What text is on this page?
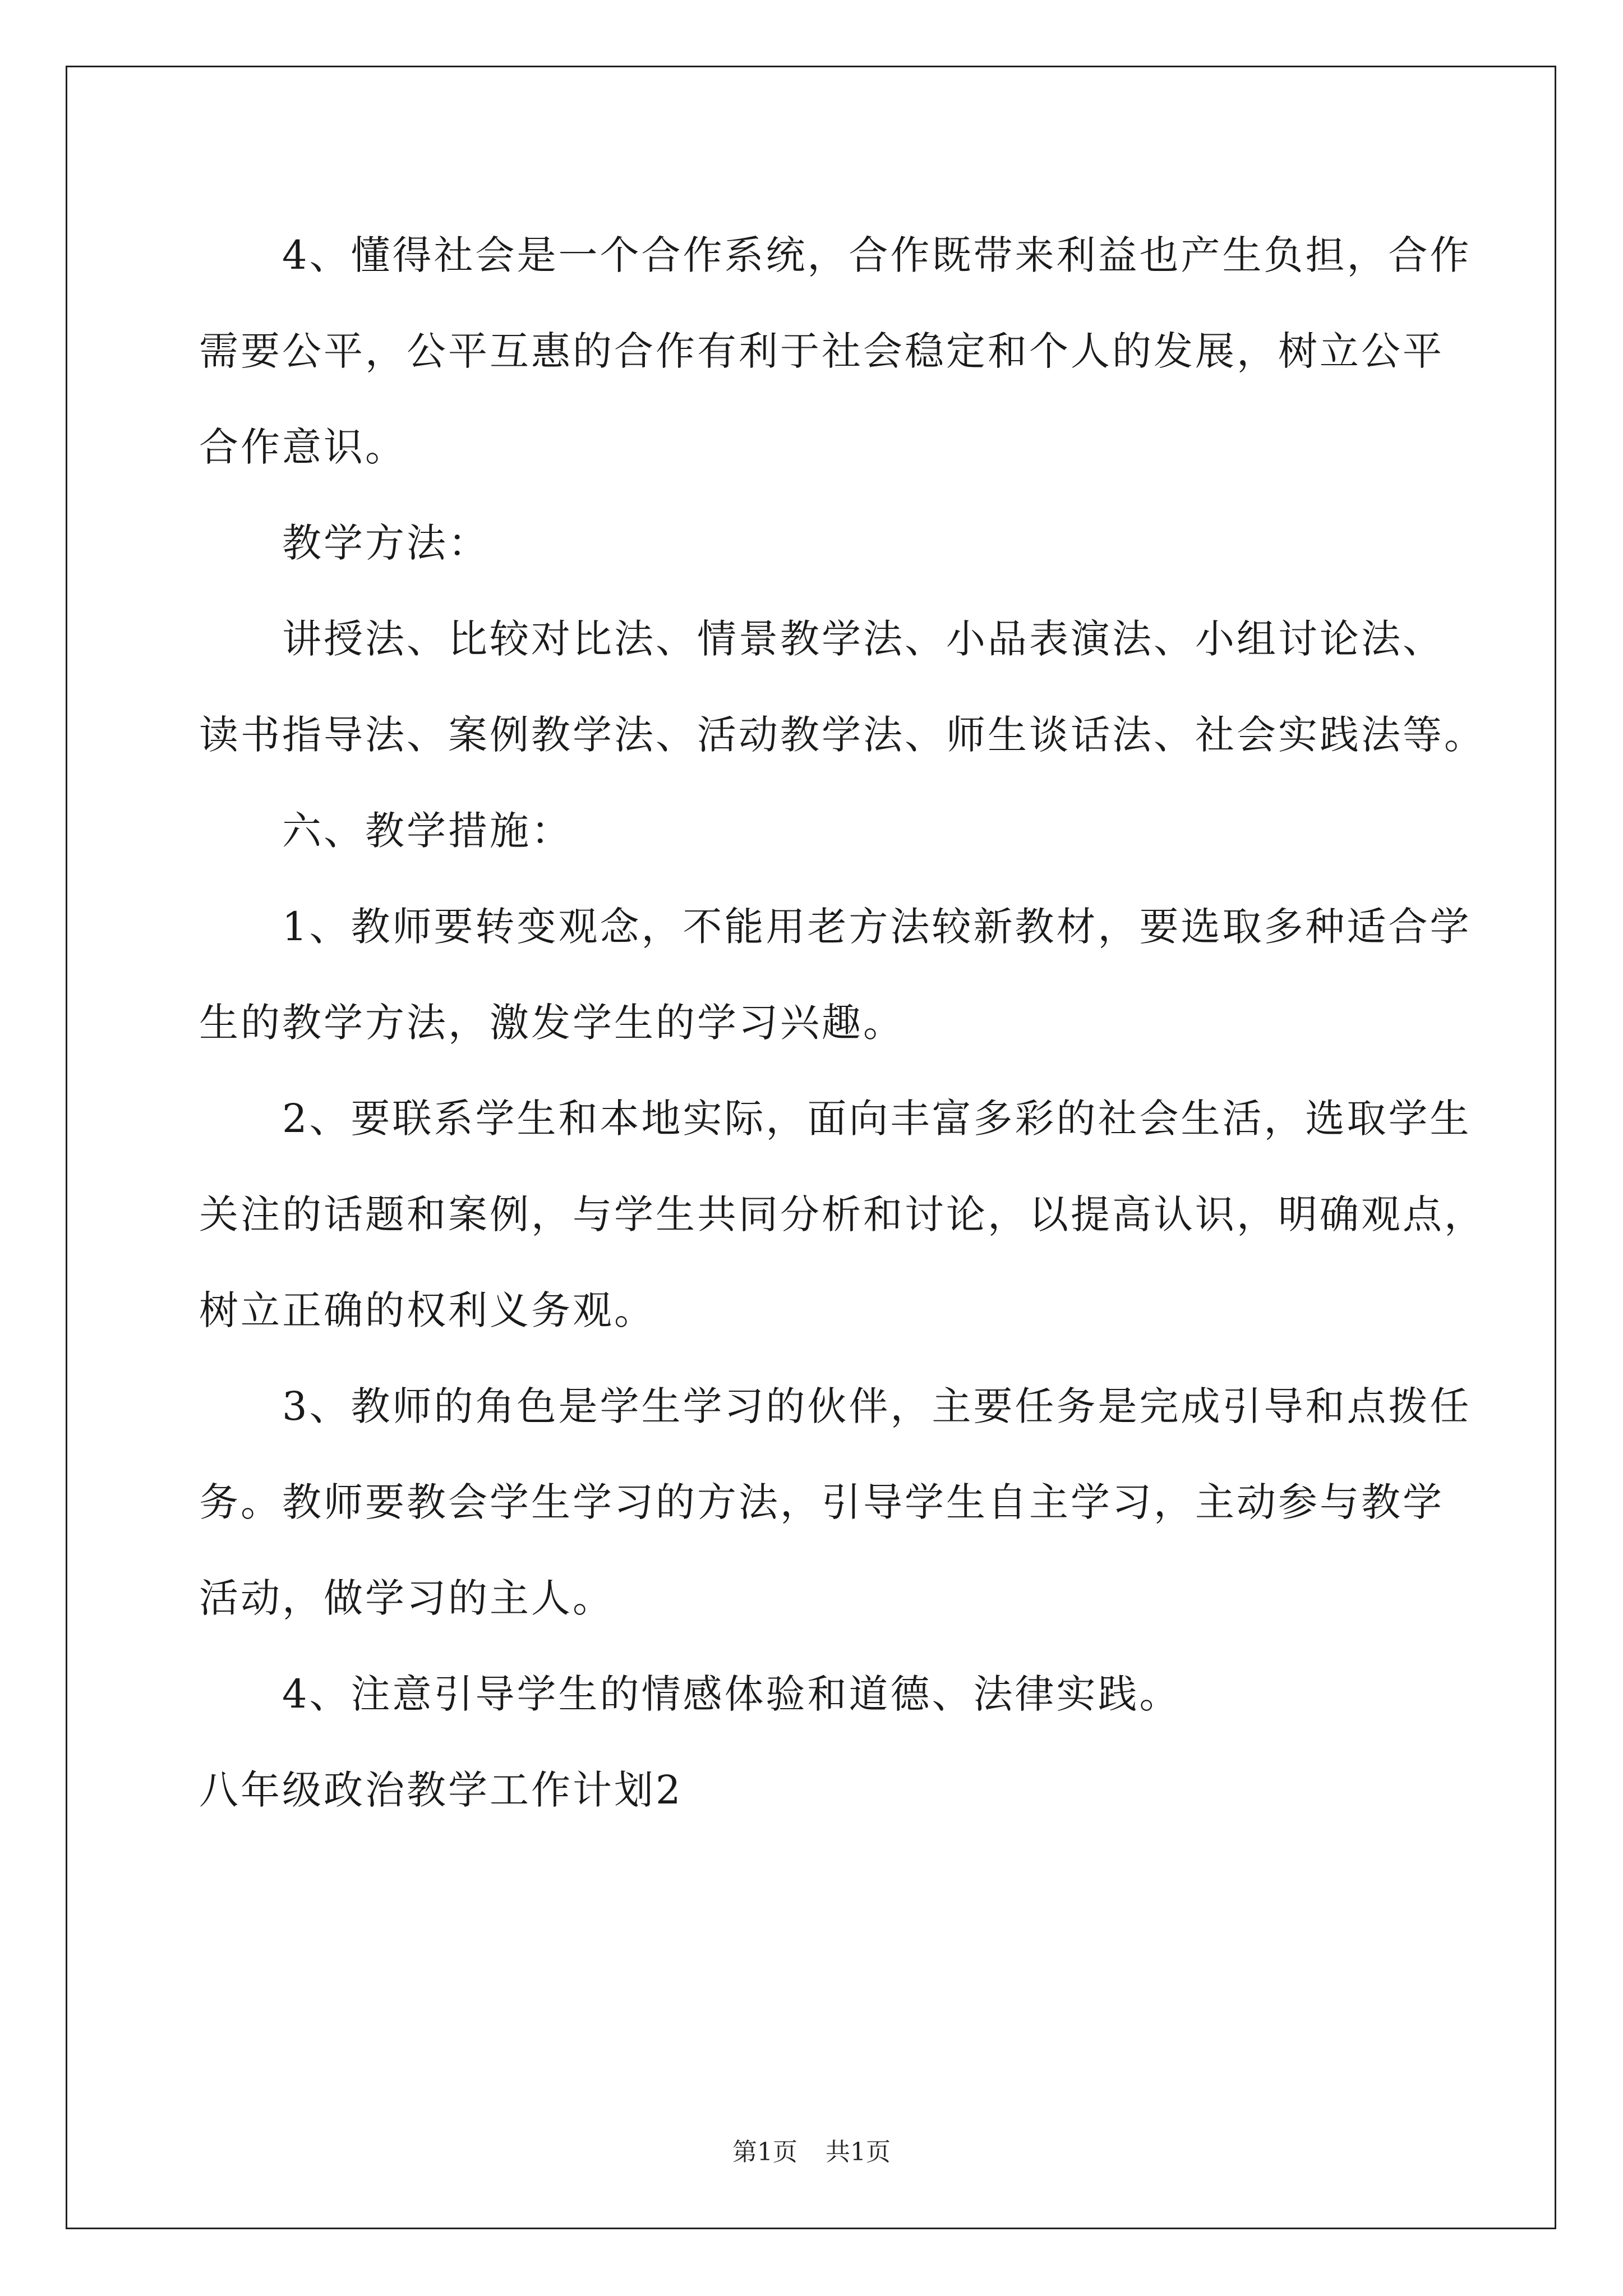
4、懂得社会是一个合作系统，合作既带来利益也产生负担，合作

需要公平，公平互惠的合作有利于社会稳定和个人的发展，树立公平

合作意识。

教学方法：

讲授法、比较对比法、情景教学法、小品表演法、小组讨论法、

读书指导法、案例教学法、活动教学法、师生谈话法、社会实践法等。

六、教学措施：

1、教师要转变观念，不能用老方法较新教材，要选取多种适合学

生的教学方法，激发学生的学习兴趣。

2、要联系学生和本地实际，面向丰富多彩的社会生活，选取学生

关注的话题和案例，与学生共同分析和讨论，以提高认识，明确观点，

树立正确的权利义务观。

3、教师的角色是学生学习的伙伴，主要任务是完成引导和点拨任

务。教师要教会学生学习的方法，引导学生自主学习，主动参与教学

活动，做学习的主人。

4、注意引导学生的情感体验和道德、法律实践。

八年级政治教学工作计划2

第1页 共1页
